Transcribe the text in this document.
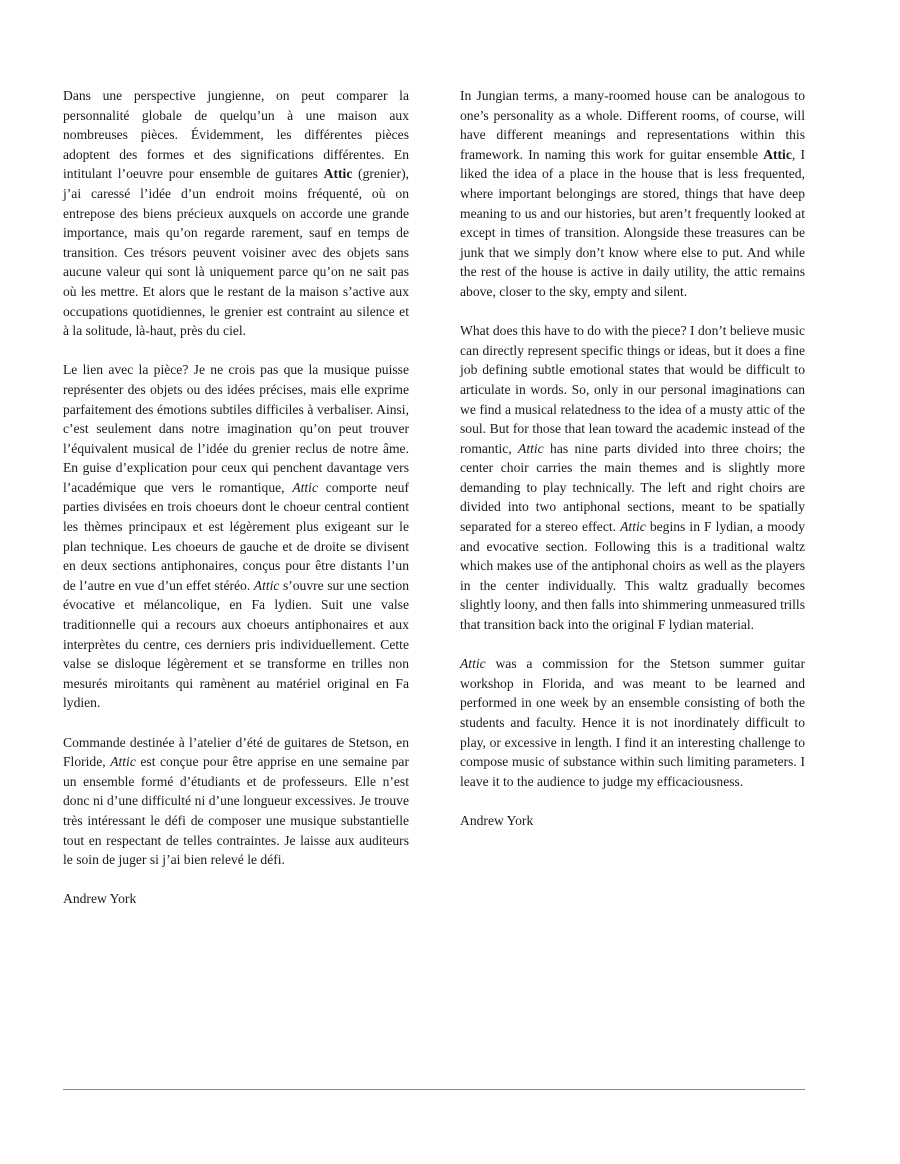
Dans une perspective jungienne, on peut comparer la personnalité globale de quelqu’un à une maison aux nombreuses pièces. Évidemment, les différentes pièces adoptent des formes et des significations différentes. En intitulant l’oeuvre pour ensemble de guitares Attic (grenier), j’ai caressé l’idée d’un endroit moins fréquenté, où on entrepose des biens précieux auxquels on accorde une grande importance, mais qu’on regarde rarement, sauf en temps de transition. Ces trésors peuvent voisiner avec des objets sans aucune valeur qui sont là uniquement parce qu’on ne sait pas où les mettre. Et alors que le restant de la maison s’active aux occupations quotidiennes, le grenier est contraint au silence et à la solitude, là-haut, près du ciel.

Le lien avec la pièce? Je ne crois pas que la musique puisse représenter des objets ou des idées précises, mais elle exprime parfaitement des émotions subtiles difficiles à verbaliser. Ainsi, c’est seulement dans notre imagination qu’on peut trouver l’équivalent musical de l’idée du grenier reclus de notre âme. En guise d’explication pour ceux qui penchent davantage vers l’académique que vers le romantique, Attic comporte neuf parties divisées en trois choeurs dont le choeur central contient les thèmes principaux et est légèrement plus exigeant sur le plan technique. Les choeurs de gauche et de droite se divisent en deux sections antiphonaires, conçus pour être distants l’un de l’autre en vue d’un effet stéréo. Attic s’ouvre sur une section évocative et mélancolique, en Fa lydien. Suit une valse traditionnelle qui a recours aux choeurs antiphonaires et aux interprètes du centre, ces derniers pris individuellement. Cette valse se disloque légèrement et se transforme en trilles non mesurés miroitants qui ramènent au matériel original en Fa lydien.

Commande destinée à l’atelier d’été de guitares de Stetson, en Floride, Attic est conçue pour être apprise en une semaine par un ensemble formé d’étudiants et de professeurs. Elle n’est donc ni d’une difficulté ni d’une longueur excessives. Je trouve très intéressant le défi de composer une musique substantielle tout en respectant de telles contraintes. Je laisse aux auditeurs le soin de juger si j’ai bien relevé le défi.

Andrew York

In Jungian terms, a many-roomed house can be analogous to one’s personality as a whole. Different rooms, of course, will have different meanings and representations within this framework. In naming this work for guitar ensemble Attic, I liked the idea of a place in the house that is less frequented, where important belongings are stored, things that have deep meaning to us and our histories, but aren’t frequently looked at except in times of transition. Alongside these treasures can be junk that we simply don’t know where else to put. And while the rest of the house is active in daily utility, the attic remains above, closer to the sky, empty and silent.

What does this have to do with the piece? I don’t believe music can directly represent specific things or ideas, but it does a fine job defining subtle emotional states that would be difficult to articulate in words. So, only in our personal imaginations can we find a musical relatedness to the idea of a musty attic of the soul. But for those that lean toward the academic instead of the romantic, Attic has nine parts divided into three choirs; the center choir carries the main themes and is slightly more demanding to play technically. The left and right choirs are divided into two antiphonal sections, meant to be spatially separated for a stereo effect. Attic begins in F lydian, a moody and evocative section. Following this is a traditional waltz which makes use of the antiphonal choirs as well as the players in the center individually. This waltz gradually becomes slightly loony, and then falls into shimmering unmeasured trills that transition back into the original F lydian material.

Attic was a commission for the Stetson summer guitar workshop in Florida, and was meant to be learned and performed in one week by an ensemble consisting of both the students and faculty. Hence it is not inordinately difficult to play, or excessive in length. I find it an interesting challenge to compose music of substance within such limiting parameters. I leave it to the audience to judge my efficaciousness.

Andrew York
